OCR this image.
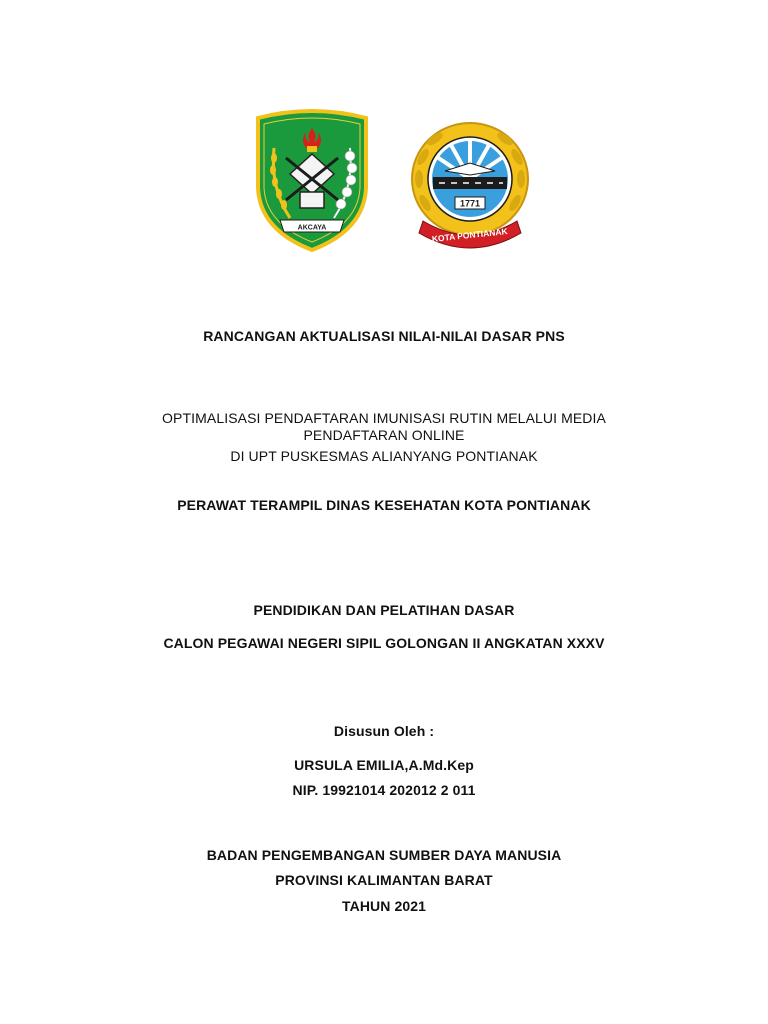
AKCAYA
1771
KOTA PONTIANAK
RANCANGAN AKTUALISASI NILAI-NILAI DASAR PNS
OPTIMALISASI PENDAFTARAN IMUNISASI RUTIN MELALUI MEDIA
PENDAFTARAN ONLINE
DI UPT PUSKESMAS ALIANYANG PONTIANAK
PERAWAT TERAMPIL DINAS KESEHATAN KOTA PONTIANAK
PENDIDIKAN DAN PELATIHAN DASAR
CALON PEGAWAI NEGERI SIPIL GOLONGAN II ANGKATAN XXXV
Disusun Oleh :
URSULA EMILIA,A.Md.Kep
NIP. 19921014 202012 2 011
BADAN PENGEMBANGAN SUMBER DAYA MANUSIA
PROVINSI KALIMANTAN BARAT
TAHUN 2021
